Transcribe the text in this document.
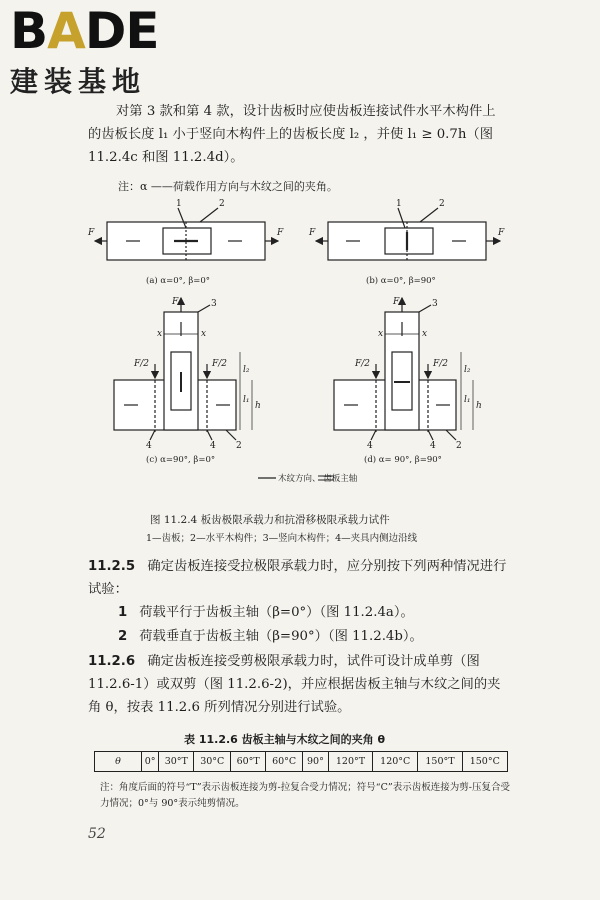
BADE
建装基地
对第 3 款和第 4 款，设计齿板时应使齿板连接试件水平木构件上的齿板长度 l₁ 小于竖向木构件上的齿板长度 l₂ ，并使 l₁ ≥ 0.7h（图 11.2.4c 和图 11.2.4d）。
注：α ——荷载作用方向与木纹之间的夹角。
F	F
1	2
F	F
1	2
F
F/2	F/2
3
x	x
l₂
l₁
h
4	4 2
F
F/2	F/2
3
x	x
l₂
l₁
h
4	4 2
(a) α=0°, β=0°	(b) α=0°, β=90°
(c) α=90°, β=0°	(d) α= 90°, β=90°
木纹方向、 齿板主轴
图 11.2.4 板齿极限承载力和抗滑移极限承载力试件
1—齿板；2—水平木构件；3—竖向木构件；4—夹具内侧边沿线
11.2.5 确定齿板连接受拉极限承载力时，应分别按下列两种情况进行试验：
1 荷载平行于齿板主轴（β=0°）（图 11.2.4a）。
2 荷载垂直于齿板主轴（β=90°）（图 11.2.4b）。
11.2.6 确定齿板连接受剪极限承载力时，试件可设计成单剪（图 11.2.6-1）或双剪（图 11.2.6-2)，并应根据齿板主轴与木纹之间的夹角 θ，按表 11.2.6 所列情况分别进行试验。
表 11.2.6 齿板主轴与木纹之间的夹角 θ
θ	0°	30°T	30°C	60°T	60°C	90°	120°T	120°C	150°T	150°C
注：角度后面的符号“T”表示齿板连接为剪-拉复合受力情况；符号“C”表示齿板连接为剪-压复合受力情况；0°与 90°表示纯剪情况。
52
